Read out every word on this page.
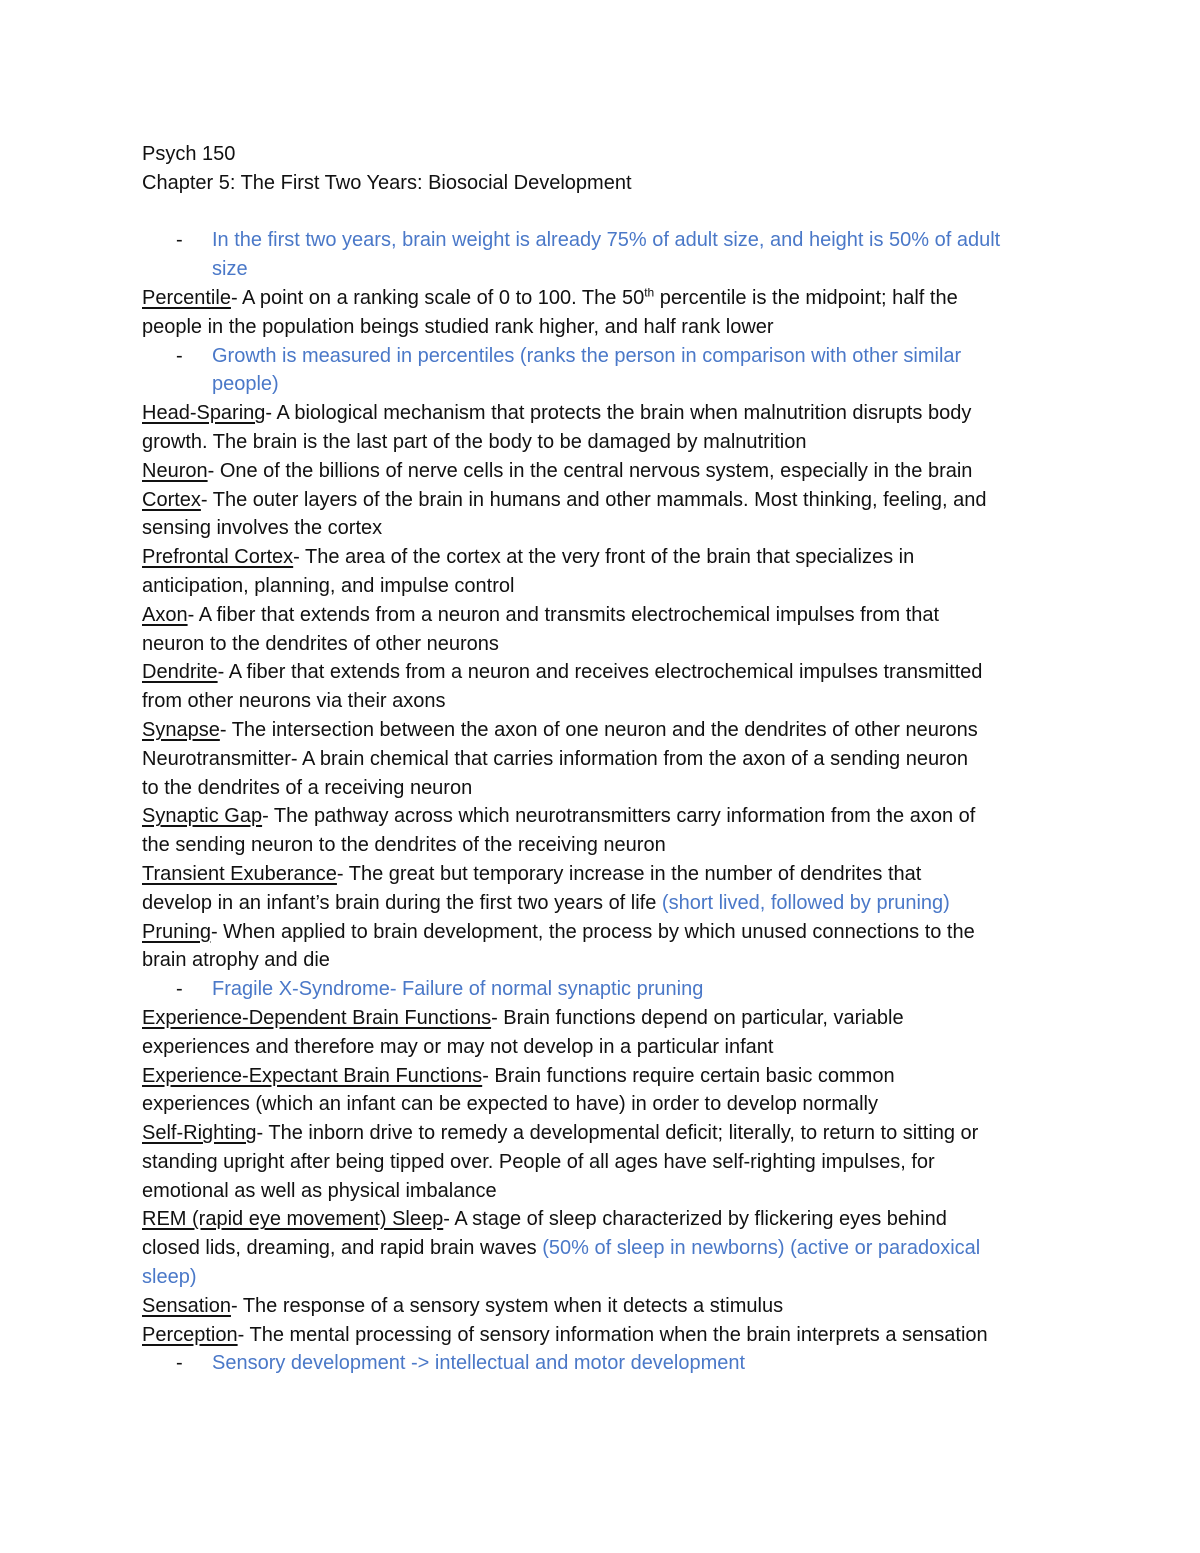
Psych 150
Chapter 5: The First Two Years: Biosocial Development
- In the first two years, brain weight is already 75% of adult size, and height is 50% of adult
size
Percentile- A point on a ranking scale of 0 to 100. The 50th percentile is the midpoint; half the
people in the population beings studied rank higher, and half rank lower
- Growth is measured in percentiles (ranks the person in comparison with other similar
people)
Head-Sparing- A biological mechanism that protects the brain when malnutrition disrupts body
growth. The brain is the last part of the body to be damaged by malnutrition
Neuron- One of the billions of nerve cells in the central nervous system, especially in the brain
Cortex- The outer layers of the brain in humans and other mammals. Most thinking, feeling, and
sensing involves the cortex
Prefrontal Cortex- The area of the cortex at the very front of the brain that specializes in
anticipation, planning, and impulse control
Axon- A fiber that extends from a neuron and transmits electrochemical impulses from that
neuron to the dendrites of other neurons
Dendrite- A fiber that extends from a neuron and receives electrochemical impulses transmitted
from other neurons via their axons
Synapse- The intersection between the axon of one neuron and the dendrites of other neurons
Neurotransmitter- A brain chemical that carries information from the axon of a sending neuron
to the dendrites of a receiving neuron
Synaptic Gap- The pathway across which neurotransmitters carry information from the axon of
the sending neuron to the dendrites of the receiving neuron
Transient Exuberance- The great but temporary increase in the number of dendrites that
develop in an infant’s brain during the first two years of life (short lived, followed by pruning)
Pruning- When applied to brain development, the process by which unused connections to the
brain atrophy and die
- Fragile X-Syndrome- Failure of normal synaptic pruning
Experience-Dependent Brain Functions- Brain functions depend on particular, variable
experiences and therefore may or may not develop in a particular infant
Experience-Expectant Brain Functions- Brain functions require certain basic common
experiences (which an infant can be expected to have) in order to develop normally
Self-Righting- The inborn drive to remedy a developmental deficit; literally, to return to sitting or
standing upright after being tipped over. People of all ages have self-righting impulses, for
emotional as well as physical imbalance
REM (rapid eye movement) Sleep- A stage of sleep characterized by flickering eyes behind
closed lids, dreaming, and rapid brain waves (50% of sleep in newborns) (active or paradoxical
sleep)
Sensation- The response of a sensory system when it detects a stimulus
Perception- The mental processing of sensory information when the brain interprets a sensation
- Sensory development -> intellectual and motor development
